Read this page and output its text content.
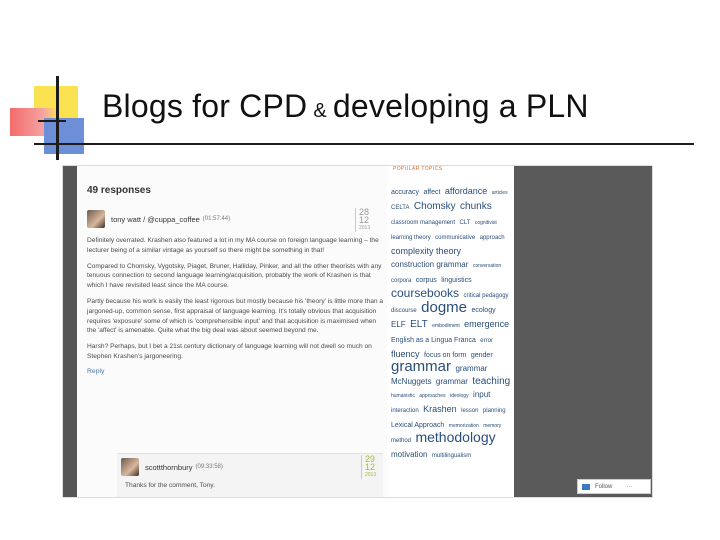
Blogs for CPD & developing a PLN
49 responses
tony watt / @cuppa_coffee (01:57:44)
28
12
2013

Definitely overrated. Krashen also featured a lot in my MA course on foreign language learning – the lecturer being of a similar vintage as yourself so there might be something in that!

Compared to Chomsky, Vygotsky, Piaget, Bruner, Halliday, Pinker, and all the other theorists with any tenuous connection to second language learning/acquisition, probably the work of Krashen is that which I have revisited least since the MA course.

Partly because his work is easily the least rigorous but mostly because his 'theory' is little more than a jargoned-up, common sense, first appraisal of language learning. It's totally obvious that acquisition requires 'exposure' some of which is 'comprehensible input' and that acquisition is maximised when the 'affect' is amenable. Quite what the big deal was about seemed beyond me.

Harsh? Perhaps, but I bet a 21st century dictionary of language learning will not dwell so much on Stephen Krashen's jargoneering.

Reply
scottthornbury (09:33:58)
29
12
2013

Thanks for the comment, Tony.

POPULAR TOPICS
accuracy affect affordance articles CELTA Chomsky chunks classroom management CLT cognitivist learning theory communicative approach complexity theory construction grammar conversation corpora corpus linguistics coursebooks critical pedagogy discourse dogme ecology ELF ELT embodiment emergence English as a Lingua Franca error fluency focus on form gender grammar grammar McNuggets grammar teaching humanistic approaches ideology input interaction Krashen lesson planning Lexical Approach memorization memory method methodology motivation multilingualism
Follow ···
